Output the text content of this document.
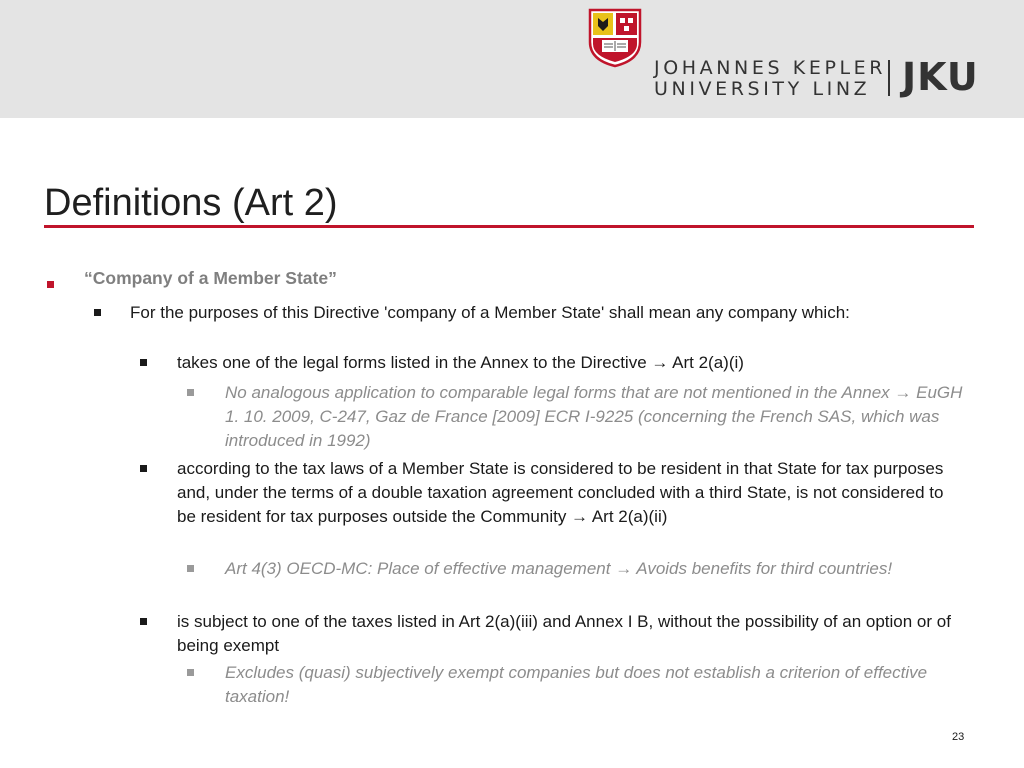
JOHANNES KEPLER
UNIVERSITY LINZ JKU
Definitions (Art 2)
“Company of a Member State”
For the purposes of this Directive 'company of a Member State' shall mean any company which:
takes one of the legal forms listed in the Annex to the Directive → Art 2(a)(i)
No analogous application to comparable legal forms that are not mentioned in the Annex → EuGH 1. 10. 2009, C-247, Gaz de France [2009] ECR I-9225 (concerning the French SAS, which was introduced in 1992)
according to the tax laws of a Member State is considered to be resident in that State for tax purposes and, under the terms of a double taxation agreement concluded with a third State, is not considered to be resident for tax purposes outside the Community → Art 2(a)(ii)
Art 4(3) OECD-MC: Place of effective management → Avoids benefits for third countries!
is subject to one of the taxes listed in Art 2(a)(iii) and Annex I B, without the possibility of an option or of being exempt
Excludes (quasi) subjectively exempt companies but does not establish a criterion of effective taxation!
23
